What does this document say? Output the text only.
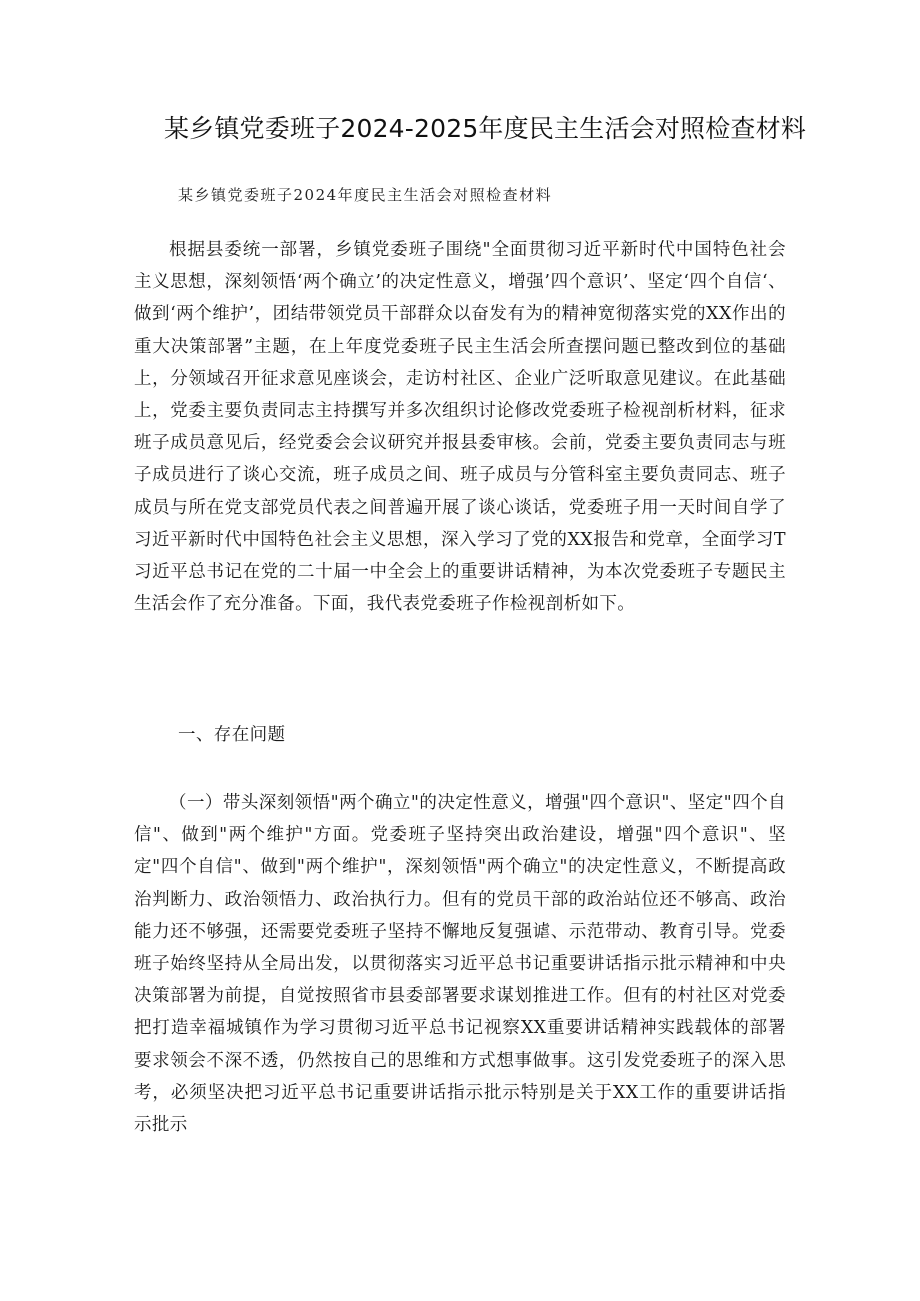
某乡镇党委班子2024-2025年度民主生活会对照检查材料
某乡镇党委班子2024年度民主生活会对照检查材料

根据县委统一部署，乡镇党委班子围绕"全面贯彻习近平新时代中国特色社会主义思想，深刻领悟‘两个确立’的决定性意义，增强’四个意识’、坚定‘四个自信‘、做到‘两个维护’，团结带领党员干部群众以奋发有为的精神宽彻落实党的XX作出的重大决策部署”主题，在上年度党委班子民主生活会所查摆问题已整改到位的基础上，分领域召开征求意见座谈会，走访村社区、企业广泛听取意见建议。在此基础上，党委主要负责同志主持撰写并多次组织讨论修改党委班子检视剖析材料，征求班子成员意见后，经党委会会议研究并报县委审核。会前，党委主要负责同志与班子成员进行了谈心交流，班子成员之间、班子成员与分管科室主要负责同志、班子成员与所在党支部党员代表之间普遍开展了谈心谈话，党委班子用一天时间自学了习近平新时代中国特色社会主义思想，深入学习了党的XX报告和党章，全面学习T习近平总书记在党的二十届一中全会上的重要讲话精神，为本次党委班子专题民主生活会作了充分准备。下面，我代表党委班子作检视剖析如下。

一、存在问题

（一）带头深刻领悟"两个确立"的决定性意义，增强"四个意识"、坚定"四个自信"、做到"两个维护"方面。党委班子坚持突出政治建设，增强"四个意识"、坚定"四个自信"、做到"两个维护"，深刻领悟"两个确立"的决定性意义，不断提高政治判断力、政治领悟力、政治执行力。但有的党员干部的政治站位还不够高、政治能力还不够强，还需要党委班子坚持不懈地反复强谑、示范带动、教育引导。党委班子始终坚持从全局出发，以贯彻落实习近平总书记重要讲话指示批示精神和中央决策部署为前提，自觉按照省市县委部署要求谋划推进工作。但有的村社区对党委把打造幸福城镇作为学习贯彻习近平总书记视察XX重要讲话精神实践载体的部署要求领会不深不透，仍然按自己的思维和方式想事做事。这引发党委班子的深入思考，必须坚决把习近平总书记重要讲话指示批示特别是关于XX工作的重要讲话指示批示
